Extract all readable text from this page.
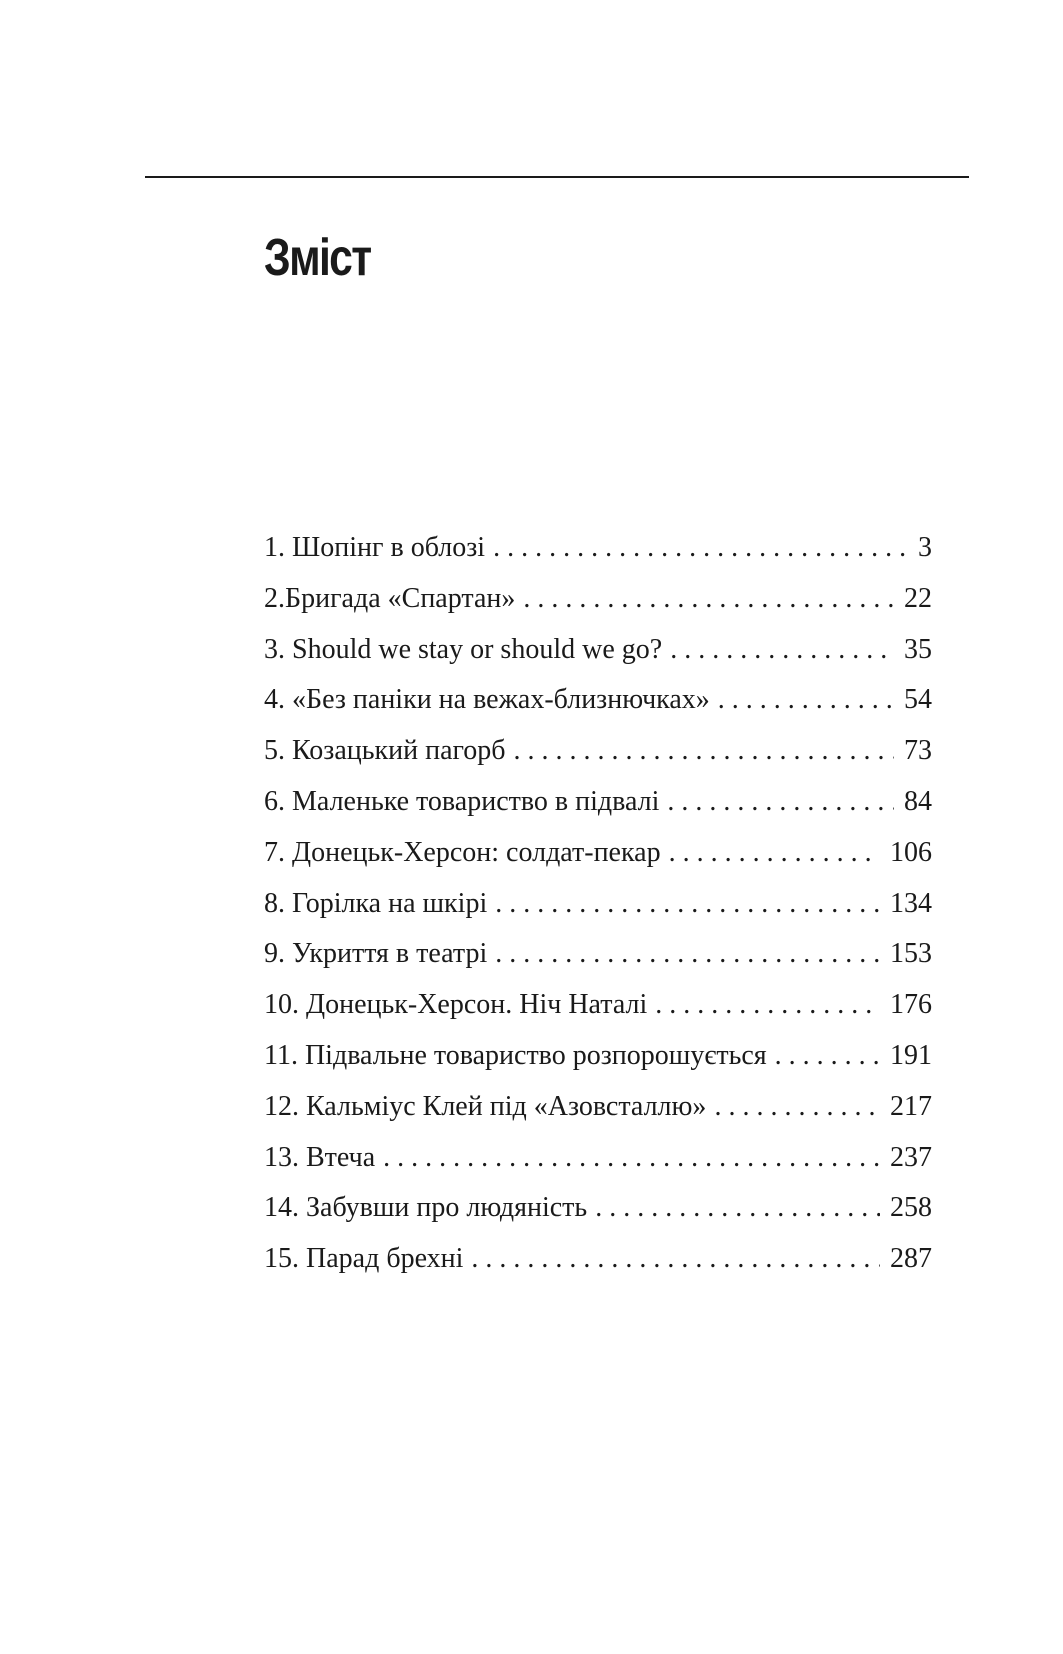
Зміст
1. Шопінг в облозі . . .	3
2.Бригада «Спартан» . . .	22
3. Should we stay or should we go? . . .	35
4. «Без паніки на вежах-близнючках» . . .	54
5. Козацький пагорб . . .	73
6. Маленьке товариство в підвалі . . .	84
7. Донецьк-Херсон: солдат-пекар . . .	106
8. Горілка на шкірі . . .	134
9. Укриття в театрі . . .	153
10. Донецьк-Херсон. Ніч Наталі . . .	176
11. Підвальне товариство розпорошується . . .	191
12. Кальміус Клей під «Азовсталлю» . . .	217
13. Втеча . . .	237
14. Забувши про людяність . . .	258
15. Парад брехні . . .	287
